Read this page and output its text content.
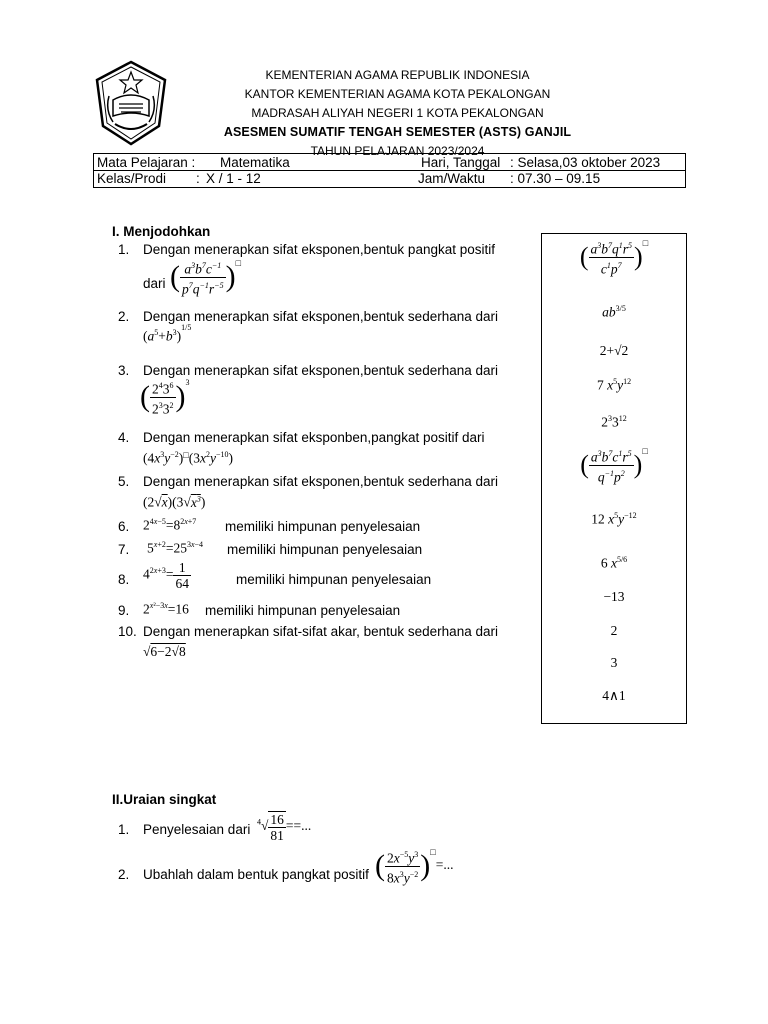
KEMENTERIAN AGAMA REPUBLIK INDONESIA
KANTOR KEMENTERIAN AGAMA KOTA PEKALONGAN
MADRASAH ALIYAH NEGERI 1 KOTA PEKALONGAN
ASESMEN SUMATIF TENGAH SEMESTER (ASTS) GANJIL
TAHUN PELAJARAN 2023/2024
Mata Pelajaran : Matematika	Hari, Tanggal : Selasa,03 oktober 2023
Kelas/Prodi : X / 1 - 12	Jam/Waktu : 07.30 – 09.15
I. Menjodohkan
1. Dengan menerapkan sifat eksponen,bentuk pangkat positif
dari ( $\frac{a^3b^7c^{-1}}{p^7q^{-1}r^{-5}} )^□$
2. Dengan menerapkan sifat eksponen,bentuk sederhana dari
$(a^5+b^3)^{1/5}$
3. Dengan menerapkan sifat eksponen,bentuk sederhana dari
( $\frac{2^43^6}{2^33^2} )^3$
4. Dengan menerapkan sifat eksponben,pangkat positif dari
$(4x^3y^{-2})^□(3x^2y^{-10})$
5. Dengan menerapkan sifat eksponen,bentuk sederhana dari
$(2√x)(3√x^3)$
6. $2^{4x-5}=8^{2x+7}$ memiliki himpunan penyelesaian
7. $5^{x+2}=25^{3x-4}$ memiliki himpunan penyelesaian
8.	memiliki himpunan penyelesaian
$4^{2x+3}= \frac{1}{64}$
9. $2^{x^2-3x}=16$ memiliki himpunan penyelesaian
10. Dengan menerapkan sifat-sifat akar, bentuk sederhana dari
√6−2√8
( $\frac{a^3b^7q^1r^5}{c^1p^7} )^□$
$ab^{3/5}$
2+√2
7 $x^5y^{12}$
$2^33^{12}$
( $\frac{a^3b^7c^1r^5}{q^{-1}p^2} )^□$
12 $x^5y^{-12}$
6 $x^{5/6}$
−13
2
3
4∧1
II.Uraian singkat
1. Penyelesaian dari $^4√ \frac{16}{81}$ ==...
2. Ubahlah dalam bentuk pangkat positif ( $\frac{2x^{-5}y^3}{8x^3y^{-2}} )^□=$...
